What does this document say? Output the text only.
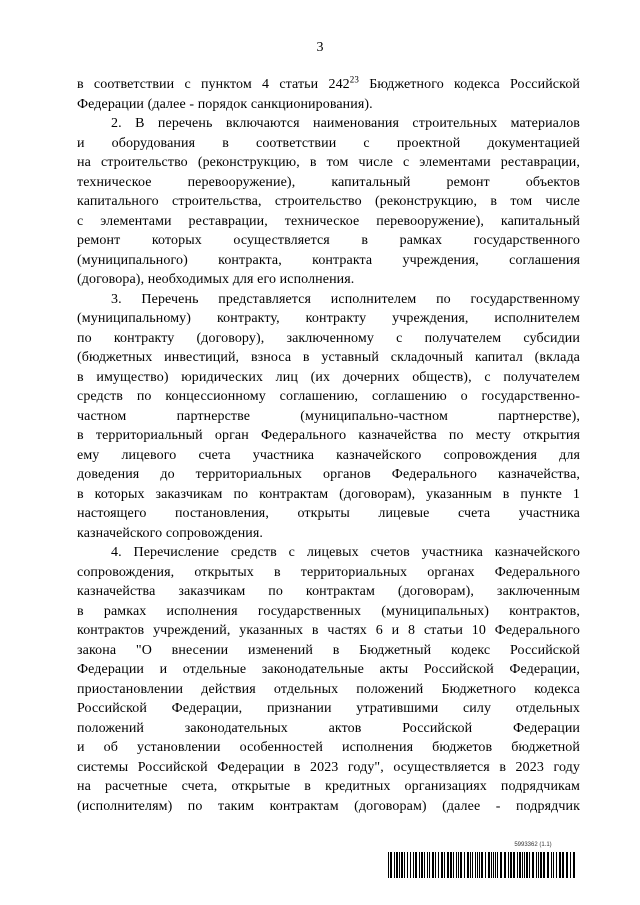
3
в соответствии с пунктом 4 статьи $242^{23}$ Бюджетного кодекса Российской
Федерации (далее - порядок санкционирования).
2. В перечень включаются наименования строительных материалов
и оборудования в соответствии с проектной документацией
на строительство (реконструкцию, в том числе с элементами реставрации,
техническое перевооружение), капитальный ремонт объектов
капитального строительства, строительство (реконструкцию, в том числе
с элементами реставрации, техническое перевооружение), капитальный
ремонт которых осуществляется в рамках государственного
(муниципального) контракта, контракта учреждения, соглашения
(договора), необходимых для его исполнения.
3. Перечень представляется исполнителем по государственному
(муниципальному) контракту, контракту учреждения, исполнителем
по контракту (договору), заключенному с получателем субсидии
(бюджетных инвестиций, взноса в уставный складочный капитал (вклада
в имущество) юридических лиц (их дочерних обществ), с получателем
средств по концессионному соглашению, соглашению о государственно-
частном партнерстве (муниципально-частном партнерстве),
в территориальный орган Федерального казначейства по месту открытия
ему лицевого счета участника казначейского сопровождения для
доведения до территориальных органов Федерального казначейства,
в которых заказчикам по контрактам (договорам), указанным в пункте 1
настоящего постановления, открыты лицевые счета участника
казначейского сопровождения.
4. Перечисление средств с лицевых счетов участника казначейского
сопровождения, открытых в территориальных органах Федерального
казначейства заказчикам по контрактам (договорам), заключенным
в рамках исполнения государственных (муниципальных) контрактов,
контрактов учреждений, указанных в частях 6 и 8 статьи 10 Федерального
закона "О внесении изменений в Бюджетный кодекс Российской
Федерации и отдельные законодательные акты Российской Федерации,
приостановлении действия отдельных положений Бюджетного кодекса
Российской Федерации, признании утратившими силу отдельных
положений законодательных актов Российской Федерации
и об установлении особенностей исполнения бюджетов бюджетной
системы Российской Федерации в 2023 году", осуществляется в 2023 году
на расчетные счета, открытые в кредитных организациях подрядчикам
(исполнителям) по таким контрактам (договорам) (далее - подрядчик
5993362 (1.1)
